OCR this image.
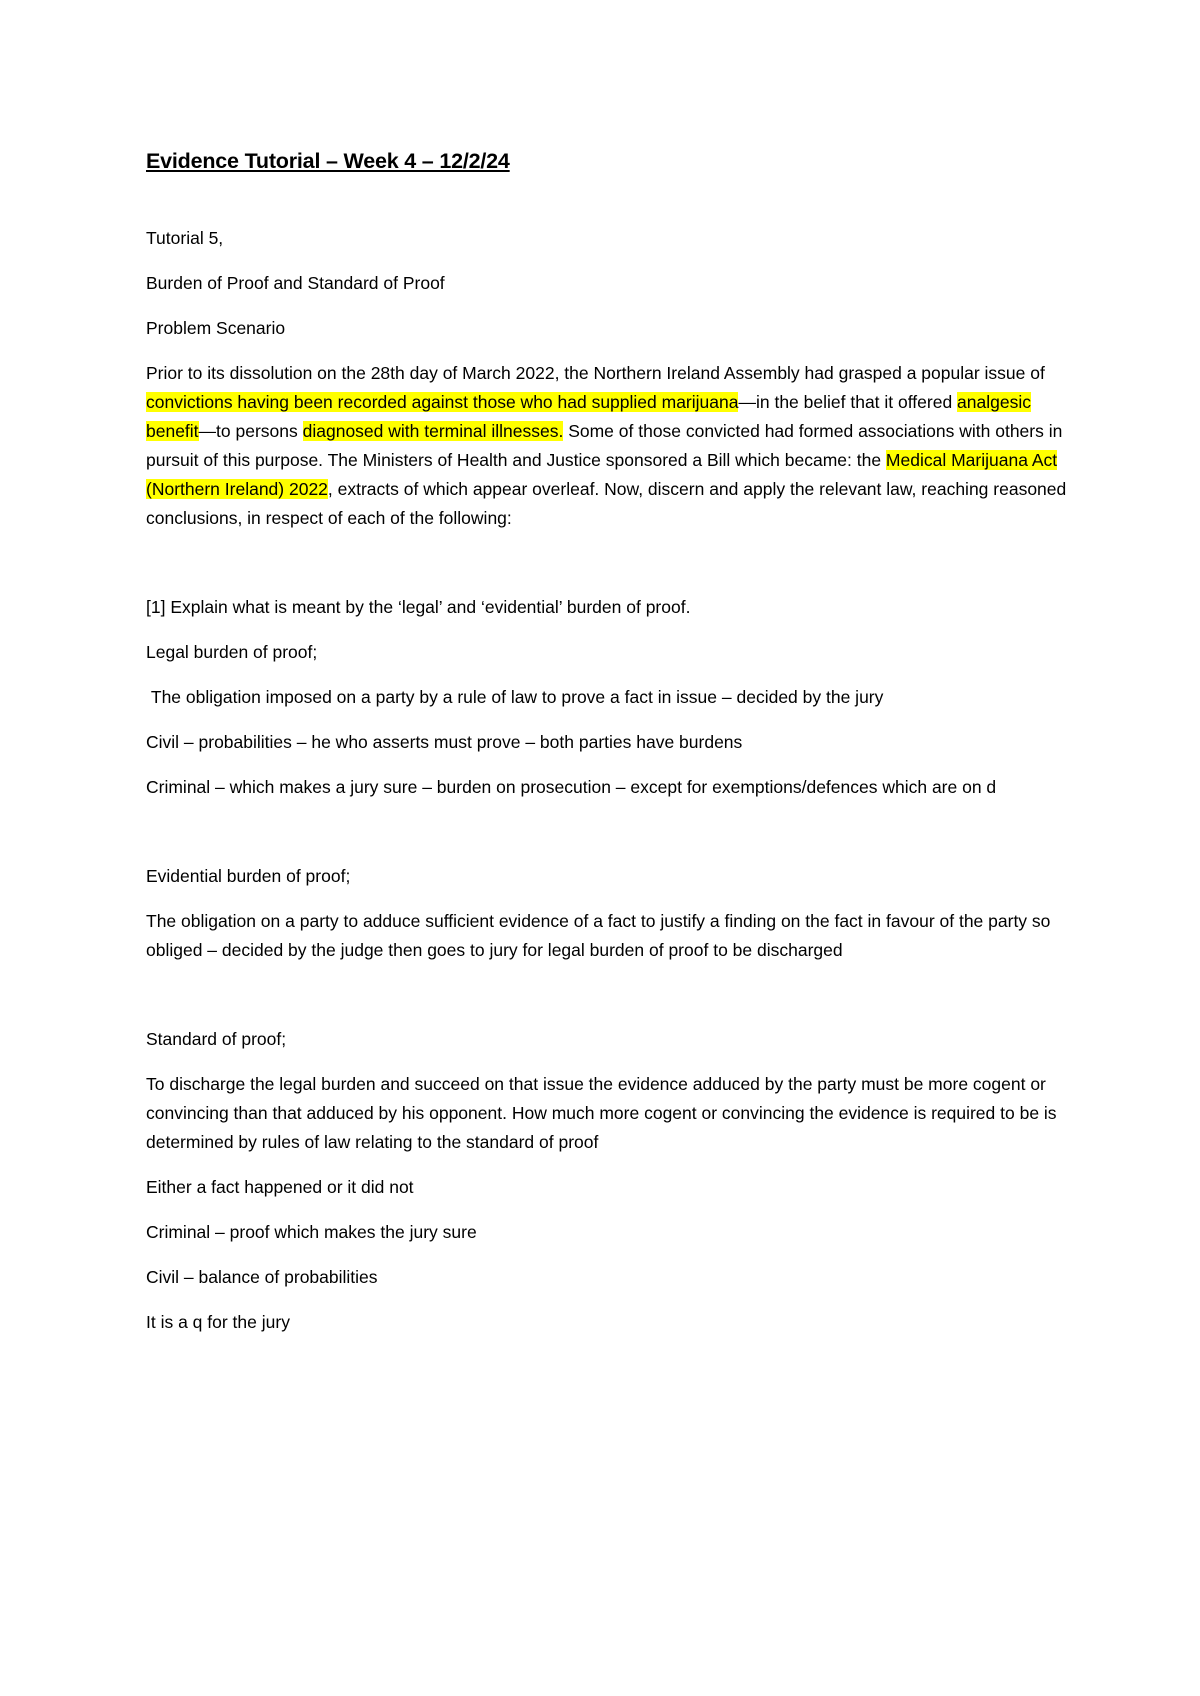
Evidence Tutorial – Week 4 – 12/2/24

Tutorial 5,

Burden of Proof and Standard of Proof

Problem Scenario

Prior to its dissolution on the 28th day of March 2022, the Northern Ireland Assembly had grasped a popular issue of convictions having been recorded against those who had supplied marijuana—in the belief that it offered analgesic benefit—to persons diagnosed with terminal illnesses. Some of those convicted had formed associations with others in pursuit of this purpose. The Ministers of Health and Justice sponsored a Bill which became: the Medical Marijuana Act (Northern Ireland) 2022, extracts of which appear overleaf. Now, discern and apply the relevant law, reaching reasoned conclusions, in respect of each of the following:

[1] Explain what is meant by the ‘legal’ and ‘evidential’ burden of proof.

Legal burden of proof;

The obligation imposed on a party by a rule of law to prove a fact in issue – decided by the jury

Civil – probabilities – he who asserts must prove – both parties have burdens

Criminal – which makes a jury sure – burden on prosecution – except for exemptions/defences which are on d

Evidential burden of proof;

The obligation on a party to adduce sufficient evidence of a fact to justify a finding on the fact in favour of the party so obliged – decided by the judge then goes to jury for legal burden of proof to be discharged

Standard of proof;

To discharge the legal burden and succeed on that issue the evidence adduced by the party must be more cogent or convincing than that adduced by his opponent. How much more cogent or convincing the evidence is required to be is determined by rules of law relating to the standard of proof

Either a fact happened or it did not

Criminal – proof which makes the jury sure

Civil – balance of probabilities

It is a q for the jury
